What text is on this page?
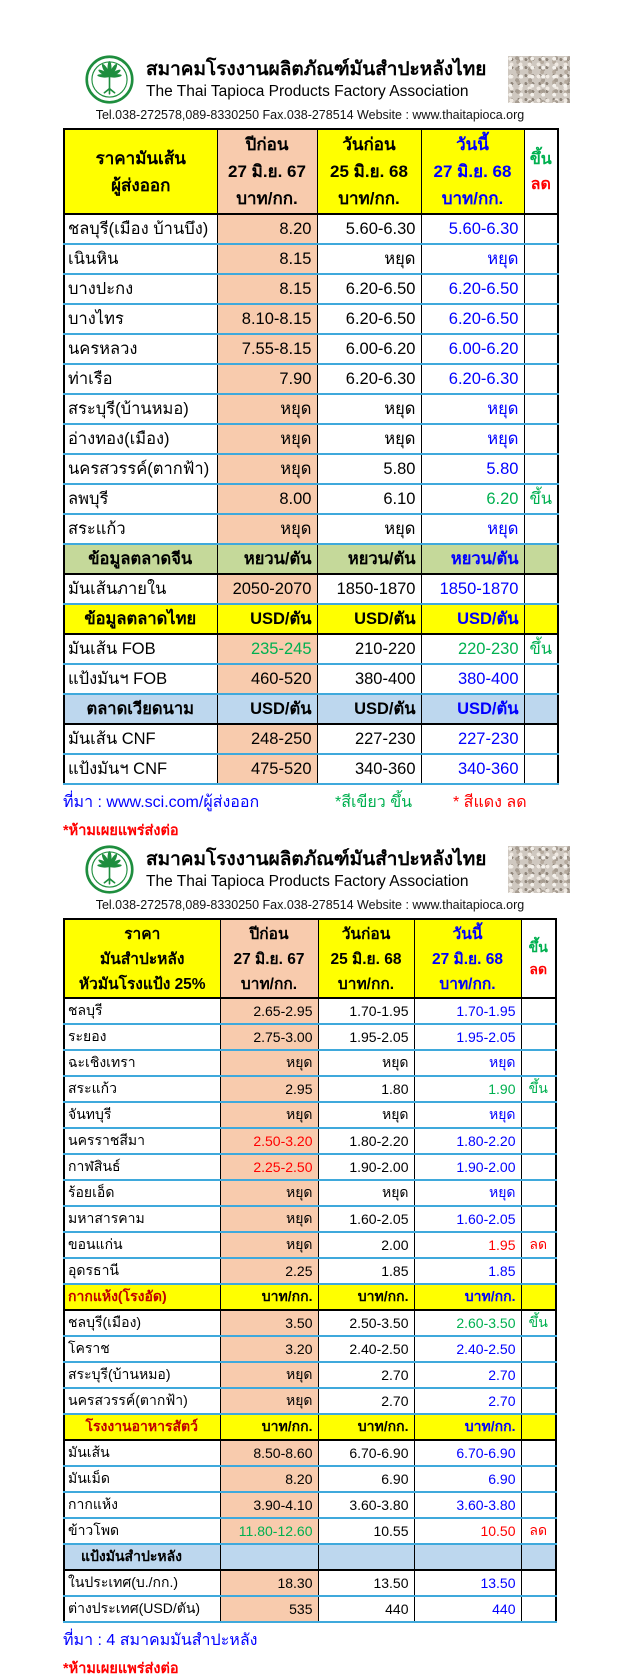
สมาคมโรงงานผลิตภัณฑ์มันสำปะหลังไทย
The Thai Tapioca Products Factory Association
Tel.038-272578,089-8330250 Fax.038-278514 Website : www.thaitapioca.org
ราคามันเส้น
ผู้ส่งออก

ปีก่อน
27 มิ.ย. 67
บาท/กก.

วันก่อน
25 มิ.ย. 68
บาท/กก.

วันนี้
27 มิ.ย. 68
บาท/กก.

ขึ้น
ลด

ชลบุรี(เมือง บ้านบึง)	8.20	5.60-6.30	5.60-6.30	
เนินหิน	8.15	หยุด	หยุด	
บางปะกง	8.15	6.20-6.50	6.20-6.50	
บางไทร	8.10-8.15	6.20-6.50	6.20-6.50	
นครหลวง	7.55-8.15	6.00-6.20	6.00-6.20	
ท่าเรือ	7.90	6.20-6.30	6.20-6.30	
สระบุรี(บ้านหมอ)	หยุด	หยุด	หยุด	
อ่างทอง(เมือง)	หยุด	หยุด	หยุด	
นครสวรรค์(ตากฟ้า)	หยุด	5.80	5.80	
ลพบุรี	8.00	6.10	6.20	ขึ้น
สระแก้ว	หยุด	หยุด	หยุด	
ข้อมูลตลาดจีน	หยวน/ตัน	หยวน/ตัน	หยวน/ตัน	
มันเส้นภายใน	2050-2070	1850-1870	1850-1870	
ข้อมูลตลาดไทย	USD/ตัน	USD/ตัน	USD/ตัน	
มันเส้น FOB	235-245	210-220	220-230	ขึ้น
แป้งมันฯ FOB	460-520	380-400	380-400	
ตลาดเวียดนาม	USD/ตัน	USD/ตัน	USD/ตัน	
มันเส้น CNF	248-250	227-230	227-230	
แป้งมันฯ CNF	475-520	340-360	340-360	
ที่มา : www.sci.com/ผู้ส่งออก	*สีเขียว ขึ้น	* สีแดง ลด
*ห้ามเผยแพร่ส่งต่อ
สมาคมโรงงานผลิตภัณฑ์มันสำปะหลังไทย
The Thai Tapioca Products Factory Association
Tel.038-272578,089-8330250 Fax.038-278514 Website : www.thaitapioca.org
ราคา
มันสำปะหลัง
หัวมันโรงแป้ง 25%

ปีก่อน
27 มิ.ย. 67
บาท/กก.

วันก่อน
25 มิ.ย. 68
บาท/กก.

วันนี้
27 มิ.ย. 68
บาท/กก.

ขึ้น
ลด

ชลบุรี	2.65-2.95	1.70-1.95	1.70-1.95	
ระยอง	2.75-3.00	1.95-2.05	1.95-2.05	
ฉะเชิงเทรา	หยุด	หยุด	หยุด	
สระแก้ว	2.95	1.80	1.90	ขึ้น
จันทบุรี	หยุด	หยุด	หยุด	
นครราชสีมา	2.50-3.20	1.80-2.20	1.80-2.20	
กาฬสินธ์	2.25-2.50	1.90-2.00	1.90-2.00	
ร้อยเอ็ด	หยุด	หยุด	หยุด	
มหาสารคาม	หยุด	1.60-2.05	1.60-2.05	
ขอนแก่น	หยุด	2.00	1.95	ลด
อุดรธานี	2.25	1.85	1.85	
กากแห้ง(โรงอัด)	บาท/กก.	บาท/กก.	บาท/กก.	
ชลบุรี(เมือง)	3.50	2.50-3.50	2.60-3.50	ขึ้น
โคราช	3.20	2.40-2.50	2.40-2.50	
สระบุรี(บ้านหมอ)	หยุด	2.70	2.70	
นครสวรรค์(ตากฟ้า)	หยุด	2.70	2.70	
โรงงานอาหารสัตว์	บาท/กก.	บาท/กก.	บาท/กก.	
มันเส้น	8.50-8.60	6.70-6.90	6.70-6.90	
มันเม็ด	8.20	6.90	6.90	
กากแห้ง	3.90-4.10	3.60-3.80	3.60-3.80	
ข้าวโพด	11.80-12.60	10.55	10.50	ลด
แป้งมันสำปะหลัง				
ในประเทศ(บ./กก.)	18.30	13.50	13.50	
ต่างประเทศ(USD/ตัน)	535	440	440	
ที่มา : 4 สมาคมมันสำปะหลัง
*ห้ามเผยแพร่ส่งต่อ
